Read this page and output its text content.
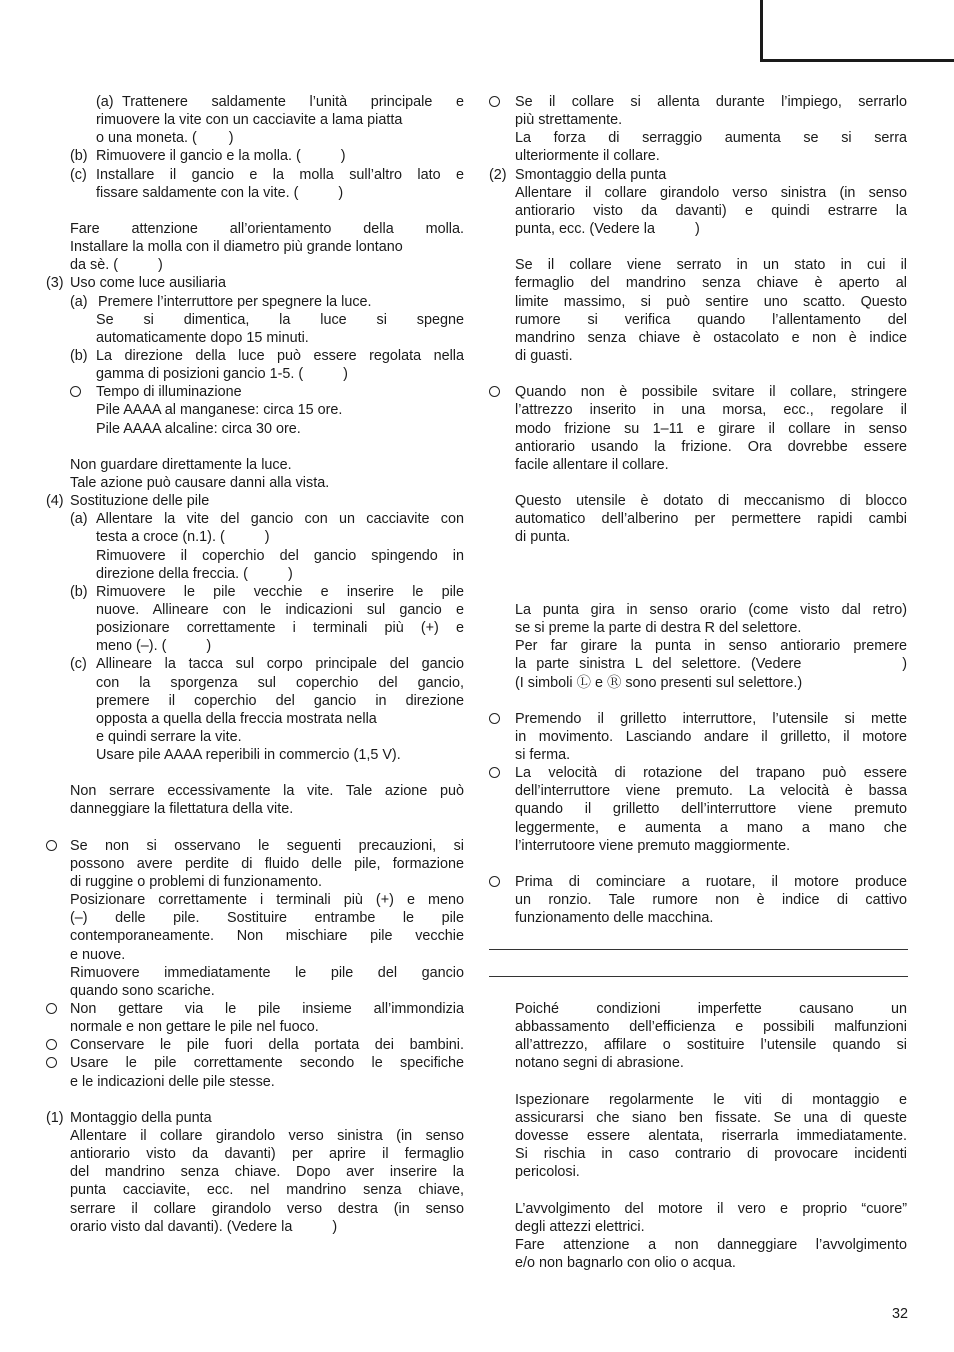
(a) Trattenere saldamente l’unità principale e
rimuovere la vite con un cacciavite a lama piatta
o una moneta. (        )
(b) Rimuovere il gancio e la molla. (          )
(c) Installare il gancio e la molla sull’altro lato e
fissare saldamente con la vite. (          )
Fare attenzione all’orientamento della molla.
Installare la molla con il diametro più grande lontano
da sè. (          )
(3) Uso come luce ausiliaria
(a) Premere l’interruttore per spegnere la luce.
Se si dimentica, la luce si spegne
automaticamente dopo 15 minuti.
(b) La direzione della luce può essere regolata nella
gamma di posizioni gancio 1-5. (          )
Tempo di illuminazione
Pile AAAA al manganese: circa 15 ore.
Pile AAAA alcaline: circa 30 ore.
Non guardare direttamente la luce.
Tale azione può causare danni alla vista.
(4) Sostituzione delle pile
(a) Allentare la vite del gancio con un cacciavite con
testa a croce (n.1). (          )
Rimuovere il coperchio del gancio spingendo in
direzione della freccia. (          )
(b) Rimuovere le pile vecchie e inserire le pile
nuove. Allineare con le indicazioni sul gancio e
posizionare correttamente i terminali più (+) e
meno (–). (          )
(c) Allineare la tacca sul corpo principale del gancio
con la sporgenza sul coperchio del gancio,
premere il coperchio del gancio in direzione
opposta a quella della freccia mostrata nella
e quindi serrare la vite.
Usare pile AAAA reperibili in commercio (1,5 V).
Non serrare eccessivamente la vite. Tale azione può
danneggiare la filettatura della vite.
Se non si osservano le seguenti precauzioni, si
possono avere perdite di fluido delle pile, formazione
di ruggine o problemi di funzionamento.
Posizionare correttamente i terminali più (+) e meno
(–) delle pile. Sostituire entrambe le pile
contemporaneamente. Non mischiare pile vecchie
e nuove.
Rimuovere immediatamente le pile del gancio
quando sono scariche.
Non gettare via le pile insieme all’immondizia
normale e non gettare le pile nel fuoco.
Conservare le pile fuori della portata dei bambini.
Usare le pile correttamente secondo le specifiche
e le indicazioni delle pile stesse.
(1) Montaggio della punta
Allentare il collare girandolo verso sinistra (in senso
antiorario visto da davanti) per aprire il fermaglio
del mandrino senza chiave. Dopo aver inserire la
punta cacciavite, ecc. nel mandrino senza chiave,
serrare il collare girandolo verso destra (in senso
orario visto dal davanti). (Vedere la          )
Se il collare si allenta durante l’impiego, serrarlo
più strettamente.
La forza di serraggio aumenta se si serra
ulteriormente il collare.
(2) Smontaggio della punta
Allentare il collare girandolo verso sinistra (in senso
antiorario visto da davanti) e quindi estrarre la
punta, ecc. (Vedere la          )
Se il collare viene serrato in un stato in cui il
fermaglio del mandrino senza chiave è aperto al
limite massimo, si può sentire uno scatto. Questo
rumore si verifica quando l’allentamento del
mandrino senza chiave è ostacolato e non è indice
di guasti.
Quando non è possibile svitare il collare, stringere
l’attrezzo inserito in una morsa, ecc., regolare il
modo frizione su 1–11 e girare il collare in senso
antiorario usando la frizione. Ora dovrebbe essere
facile allentare il collare.
Questo utensile è dotato di meccanismo di blocco
automatico dell’alberino per permettere rapidi cambi
di punta.
La punta gira in senso orario (come visto dal retro)
se si preme la parte di destra R del selettore.
Per far girare la punta in senso antiorario premere
la parte sinistra L del selettore. (Vedere          )
(I simboli Ⓛ e Ⓡ sono presenti sul selettore.)
Premendo il grilletto interruttore, l’utensile si mette
in movimento. Lasciando andare il grilletto, il motore
si ferma.
La velocità di rotazione del trapano può essere
dell’interruttore viene premuto. La velocità è bassa
quando il grilletto dell’interruttore viene premuto
leggermente, e aumenta a mano a mano che
l’interrutoore viene premuto maggiormente.
Prima di cominciare a ruotare, il motore produce
un ronzio. Tale rumore non è indice di cattivo
funzionamento delle macchina.
Poiché condizioni imperfette causano un
abbassamento dell’efficienza e possibili malfunzioni
all’attrezzo, affilare o sostituire l’utensile quando si
notano segni di abrasione.
Ispezionare regolarmente le viti di montaggio e
assicurarsi che siano ben fissate. Se una di queste
dovesse essere alentata, riserrarla immediatamente.
Si rischia in caso contrario di provocare incidenti
pericolosi.
L’avvolgimento del motore il vero e proprio “cuore”
degli attezzi elettrici.
Fare attenzione a non danneggiare l’avvolgimento
e/o non bagnarlo con olio o acqua.
32
